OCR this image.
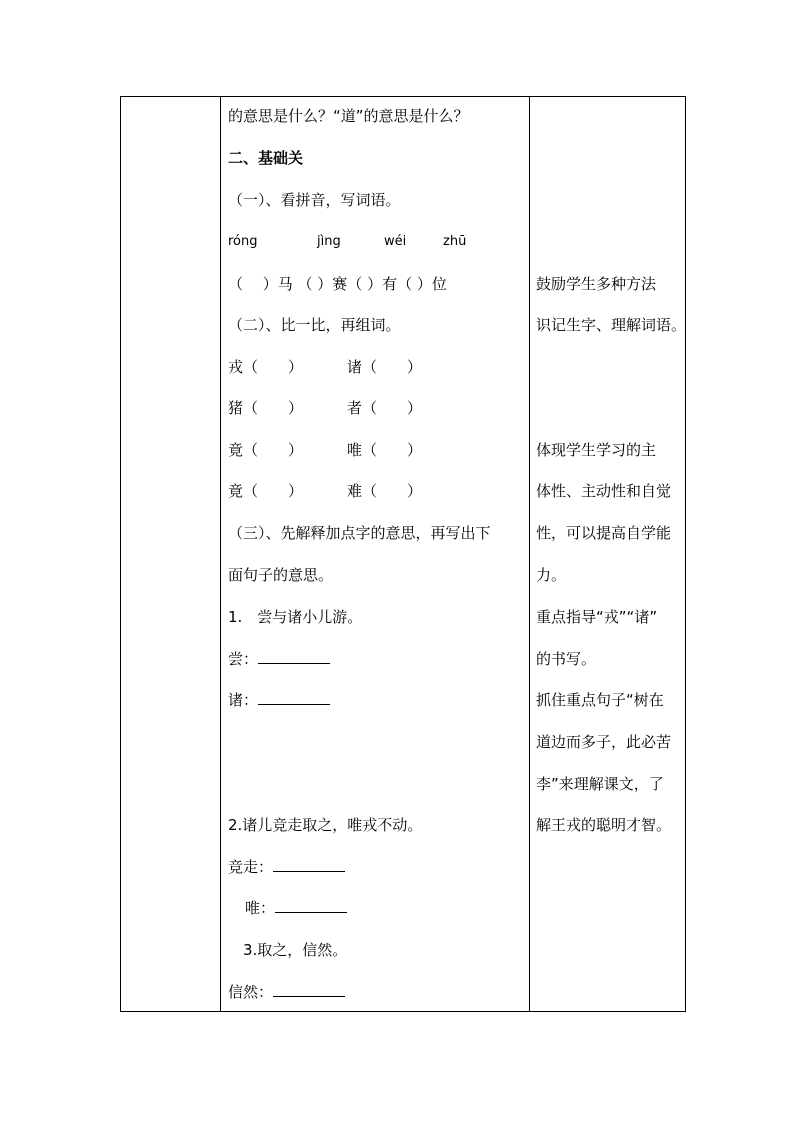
的意思是什么？“道”的意思是什么？
二、基础关
（一）、看拼音，写词语。
róng	jìng	wéi	zhū
（　 ）马 （ ）赛（ ）有（ ）位
（二）、比一比，再组词。
戎（　　）	诸（　　）
猪（　　）	者（　　）
竟（　　）	唯（　　）
竟（　　）	难（　　）
（三）、先解释加点字的意思，再写出下
面句子的意思。
1.　尝与诸小儿游。
尝：
诸：
2.诸儿竞走取之，唯戎不动。
竞走：
唯：
3.取之，信然。
信然：
鼓励学生多种方法
识记生字、理解词语。
体现学生学习的主
体性、主动性和自觉
性，可以提高自学能
力。
重点指导“戎”“诸”
的书写。
抓住重点句子“树在
道边而多子，此必苦
李”来理解课文，了
解王戎的聪明才智。
